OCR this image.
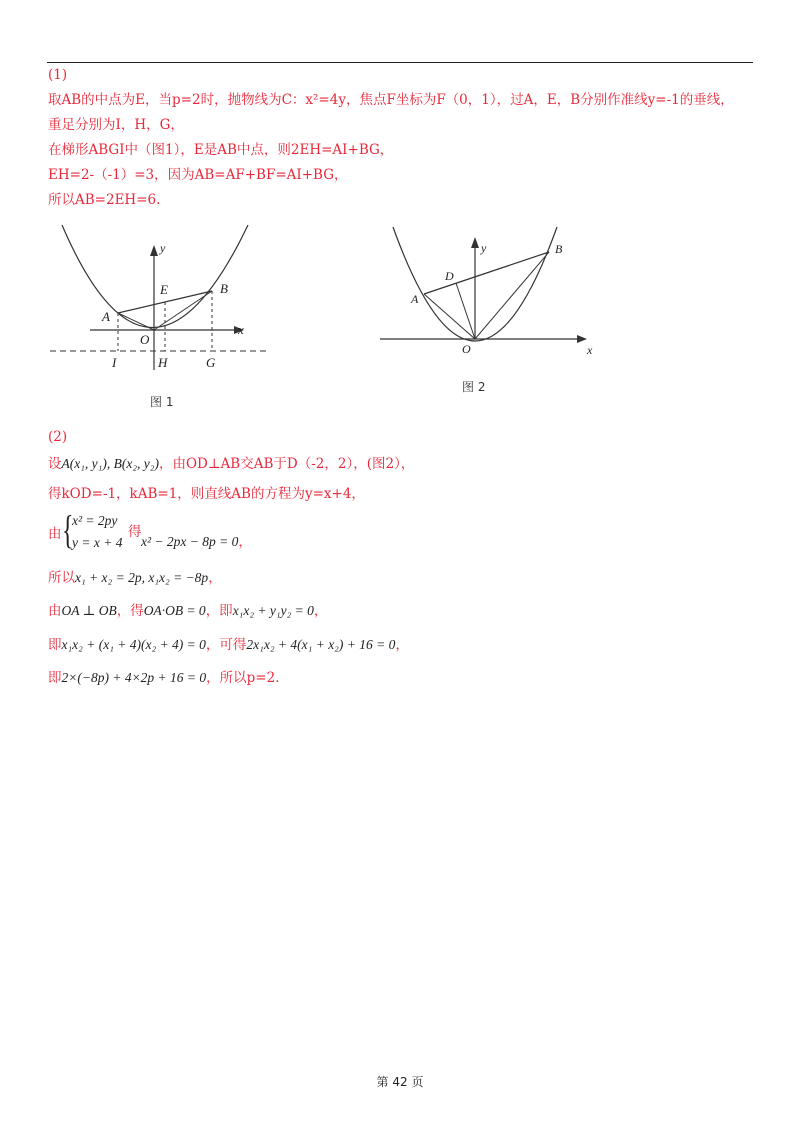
(1)
取AB的中点为E，当p=2时，抛物线为C：x²=4y，焦点F坐标为F（0，1），过A，E，B分别作准线y=-1的垂线，
重足分别为I，H，G，
在梯形ABGI中（图1），E是AB中点，则2EH=AI+BG，
EH=2-（-1）=3，因为AB=AF+BF=AI+BG，
所以AB=2EH=6.
y
x
A
B
E
O
I	H	G
图 1
y
x
A
B
D
O
图 2
(2)
设A(x₁, y₁), B(x₂, y₂)，由OD⊥AB交AB于D（-2，2），(图2），
得kOD=-1，kAB=1，则直线AB的方程为y=x+4，
由 {
x² = 2py
y = x + 4
得
x² − 2px − 8p = 0，
所以x₁ + x₂ = 2p, x₁x₂ = −8p，
由OA ⊥ OB，得OA·OB = 0，即x₁x₂ + y₁y₂ = 0，
即x₁x₂ + (x₁ + 4)(x₂ + 4) = 0，可得2x₁x₂ + 4(x₁ + x₂) + 16 = 0，
即2×(−8p) + 4×2p + 16 = 0，所以p=2.
第 42 页
